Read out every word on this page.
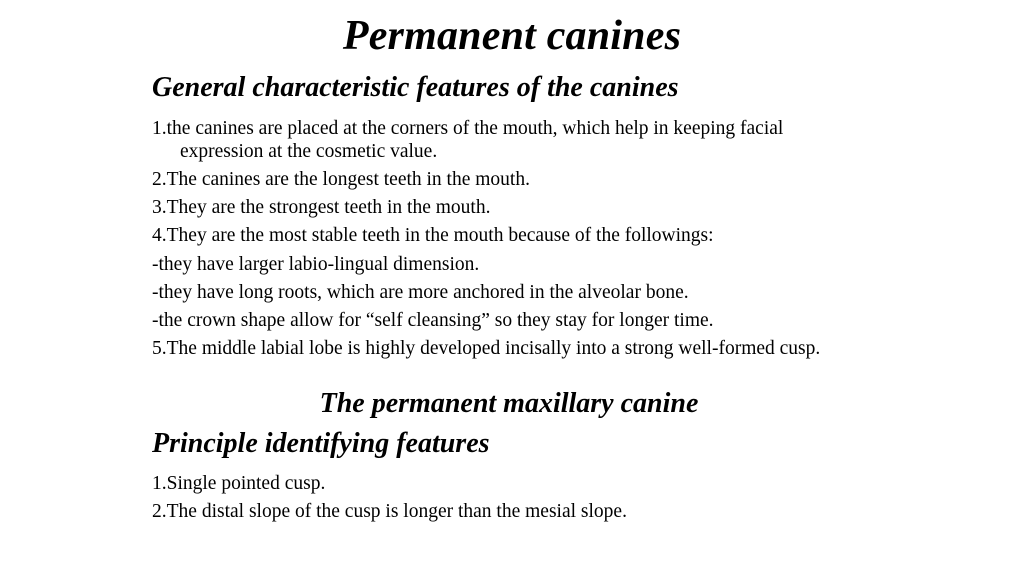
Permanent canines
General characteristic features of the canines
1.the canines are placed at the corners of the mouth, which help in keeping facial
expression at the cosmetic value.
2.The canines are the longest teeth in the mouth.
3.They are the strongest teeth in the mouth.
4.They are the most stable teeth in the mouth because of the followings:
-they have larger labio-lingual dimension.
-they have long roots, which are more anchored in the alveolar bone.
-the crown shape allow for “self cleansing” so they stay for longer time.
5.The middle labial lobe is highly developed incisally into a strong well-formed cusp.
The permanent maxillary canine
Principle identifying features
1.Single pointed cusp.
2.The distal slope of the cusp is longer than the mesial slope.
